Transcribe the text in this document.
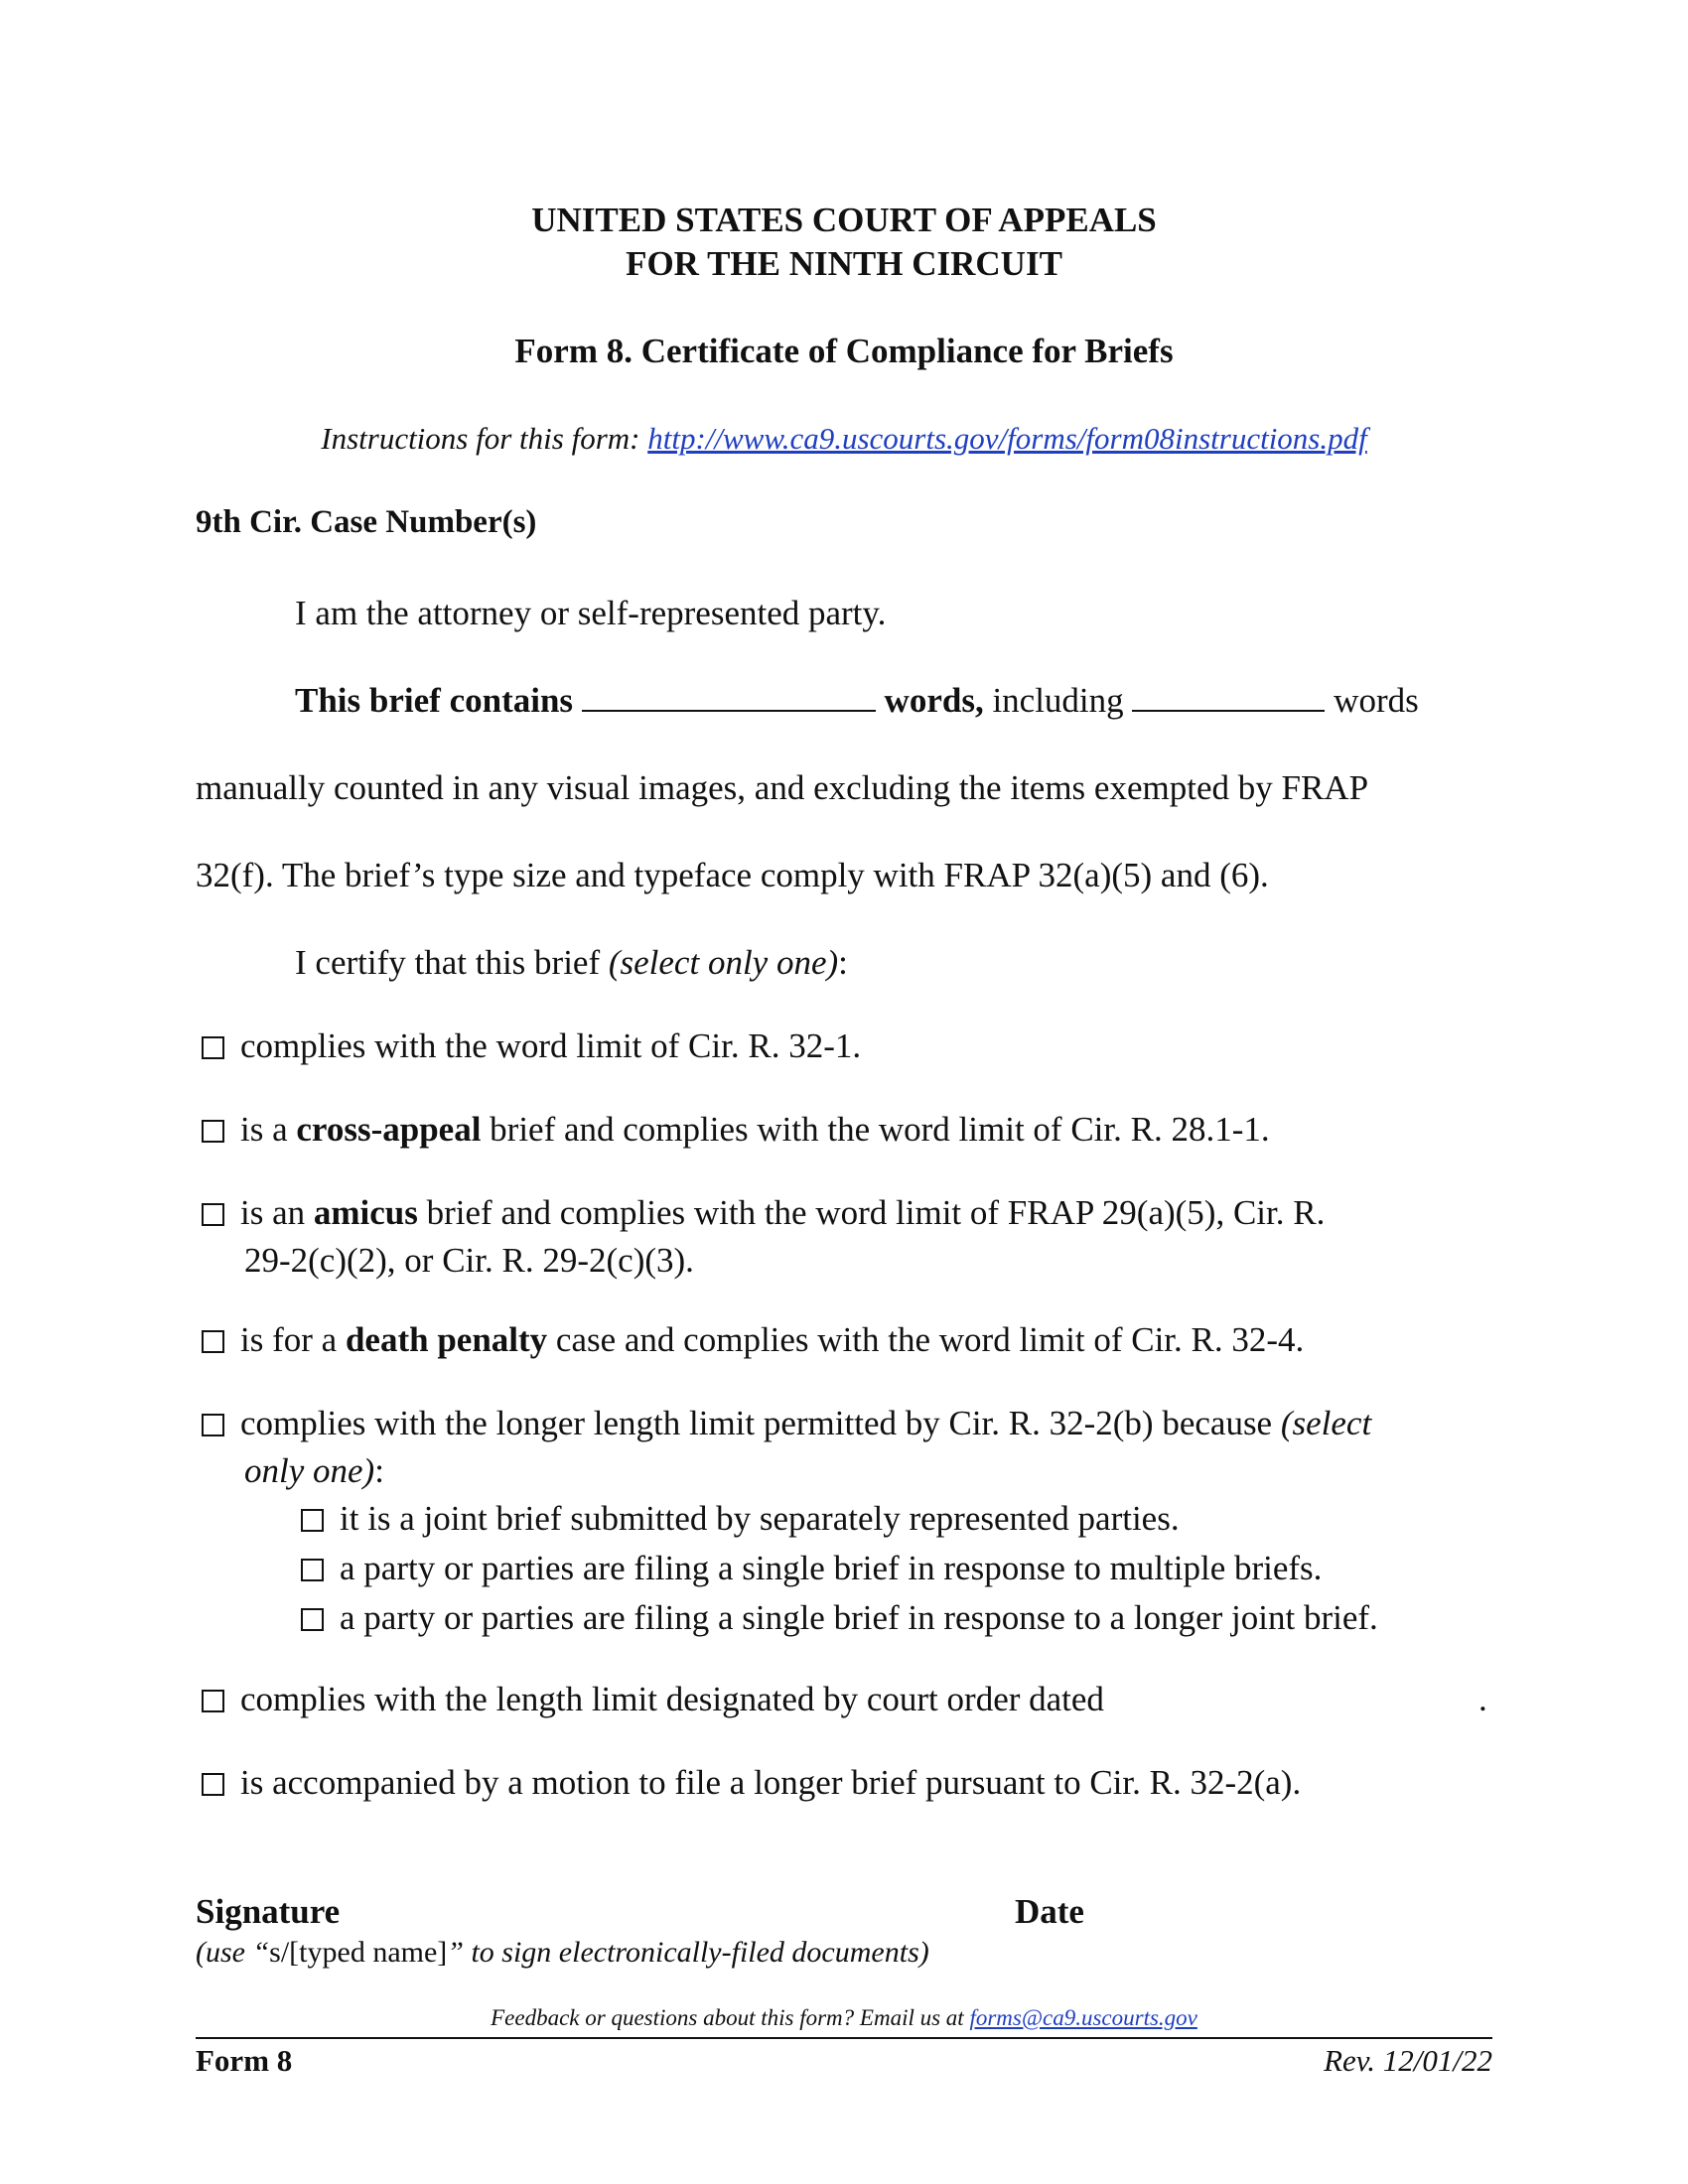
UNITED STATES COURT OF APPEALS
FOR THE NINTH CIRCUIT
Form 8. Certificate of Compliance for Briefs
Instructions for this form: http://www.ca9.uscourts.gov/forms/form08instructions.pdf
9th Cir. Case Number(s)
I am the attorney or self-represented party.
This brief contains	words, including	words
manually counted in any visual images, and excluding the items exempted by FRAP
32(f). The brief’s type size and typeface comply with FRAP 32(a)(5) and (6).
I certify that this brief (select only one):
complies with the word limit of Cir. R. 32-1.
is a cross-appeal brief and complies with the word limit of Cir. R. 28.1-1.
is an amicus brief and complies with the word limit of FRAP 29(a)(5), Cir. R.
29-2(c)(2), or Cir. R. 29-2(c)(3).
is for a death penalty case and complies with the word limit of Cir. R. 32-4.
complies with the longer length limit permitted by Cir. R. 32-2(b) because (select
only one):
it is a joint brief submitted by separately represented parties.
a party or parties are filing a single brief in response to multiple briefs.
a party or parties are filing a single brief in response to a longer joint brief.
complies with the length limit designated by court order dated	.
is accompanied by a motion to file a longer brief pursuant to Cir. R. 32-2(a).
Signature	Date
(use “s/[typed name]” to sign electronically-filed documents)
Feedback or questions about this form? Email us at forms@ca9.uscourts.gov
Form 8	Rev. 12/01/22
